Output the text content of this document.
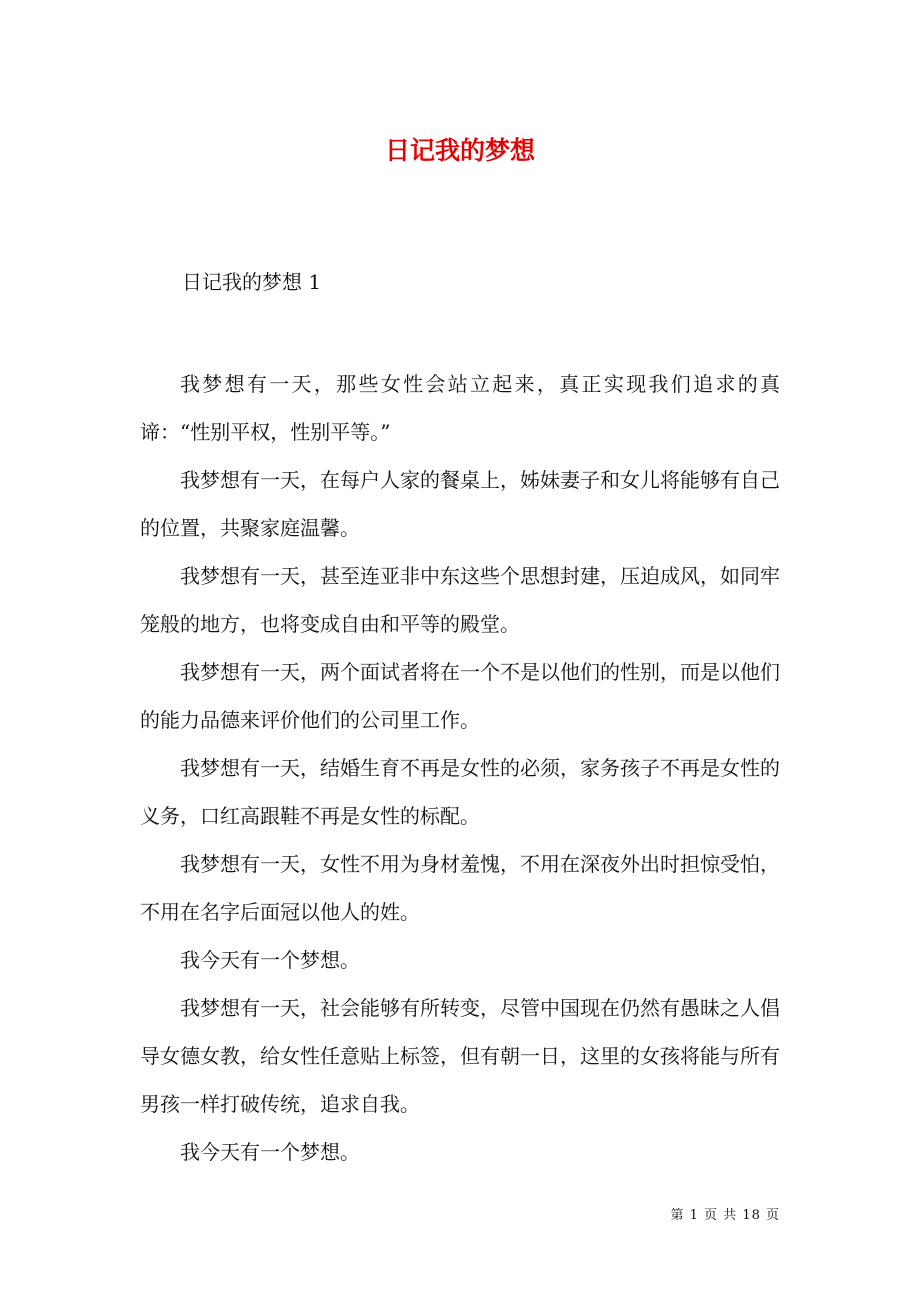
日记我的梦想
日记我的梦想 1

我梦想有一天，那些女性会站立起来，真正实现我们追求的真谛：“性别平权，性别平等。”

我梦想有一天，在每户人家的餐桌上，姊妹妻子和女儿将能够有自己的位置，共聚家庭温馨。

我梦想有一天，甚至连亚非中东这些个思想封建，压迫成风，如同牢笼般的地方，也将变成自由和平等的殿堂。

我梦想有一天，两个面试者将在一个不是以他们的性别，而是以他们的能力品德来评价他们的公司里工作。

我梦想有一天，结婚生育不再是女性的必须，家务孩子不再是女性的义务，口红高跟鞋不再是女性的标配。

我梦想有一天，女性不用为身材羞愧，不用在深夜外出时担惊受怕，不用在名字后面冠以他人的姓。

我今天有一个梦想。

我梦想有一天，社会能够有所转变，尽管中国现在仍然有愚昧之人倡导女德女教，给女性任意贴上标签，但有朝一日，这里的女孩将能与所有男孩一样打破传统，追求自我。

我今天有一个梦想。

第 1 页 共 18 页
